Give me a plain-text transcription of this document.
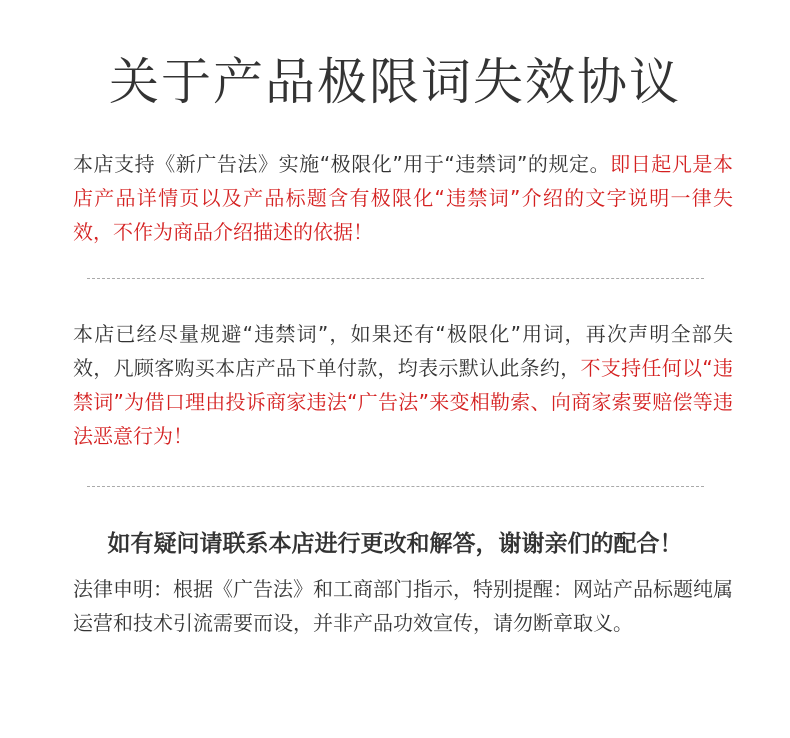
关于产品极限词失效协议

本店支持《新广告法》实施“极限化”用于“违禁词”的规定。即日起凡是本店产品详情页以及产品标题含有极限化“违禁词”介绍的文字说明一律失效，不作为商品介绍描述的依据！

本店已经尽量规避“违禁词”，如果还有“极限化”用词，再次声明全部失效，凡顾客购买本店产品下单付款，均表示默认此条约，不支持任何以“违禁词”为借口理由投诉商家违法“广告法”来变相勒索、向商家索要赔偿等违法恶意行为！

如有疑问请联系本店进行更改和解答，谢谢亲们的配合！

法律申明：根据《广告法》和工商部门指示，特别提醒：网站产品标题纯属运营和技术引流需要而设，并非产品功效宣传，请勿断章取义。
